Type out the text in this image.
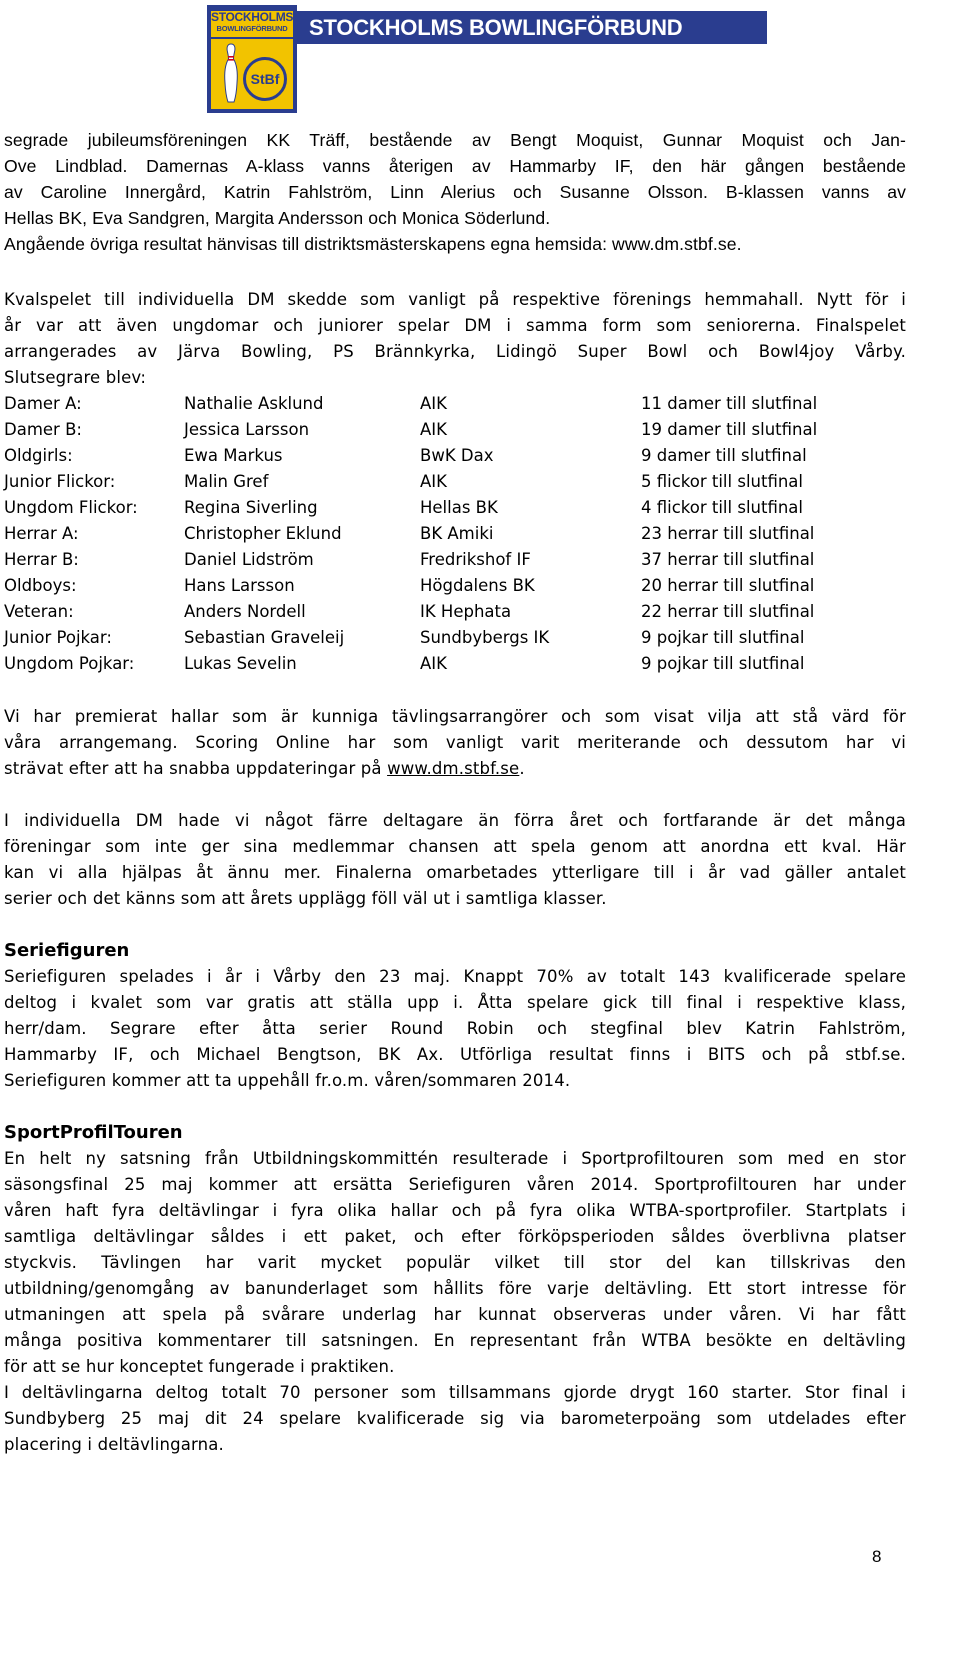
STOCKHOLMS
BOWLINGFÖRBUND
StBf
STOCKHOLMS BOWLINGFÖRBUND
segrade jubileumsföreningen KK Träff, bestående av Bengt Moquist, Gunnar Moquist och Jan-
Ove Lindblad. Damernas A-klass vanns återigen av Hammarby IF, den här gången bestående
av Caroline Innergård, Katrin Fahlström, Linn Alerius och Susanne Olsson. B-klassen vanns av
Hellas BK, Eva Sandgren, Margita Andersson och Monica Söderlund.
Angående övriga resultat hänvisas till distriktsmästerskapens egna hemsida: www.dm.stbf.se.
Kvalspelet till individuella DM skedde som vanligt på respektive förenings hemmahall. Nytt för i
år var att även ungdomar och juniorer spelar DM i samma form som seniorerna. Finalspelet
arrangerades av Järva Bowling, PS Brännkyrka, Lidingö Super Bowl och Bowl4joy Vårby.
Slutsegrare blev:
Damer A:	Nathalie Asklund	AIK	11 damer till slutfinal
Damer B:	Jessica Larsson	AIK	19 damer till slutfinal
Oldgirls:	Ewa Markus	BwK Dax	9 damer till slutfinal
Junior Flickor:	Malin Gref	AIK	5 flickor till slutfinal
Ungdom Flickor:	Regina Siverling	Hellas BK	4 flickor till slutfinal
Herrar A:	Christopher Eklund	BK Amiki	23 herrar till slutfinal
Herrar B:	Daniel Lidström	Fredrikshof IF	37 herrar till slutfinal
Oldboys:	Hans Larsson	Högdalens BK	20 herrar till slutfinal
Veteran:	Anders Nordell	IK Hephata	22 herrar till slutfinal
Junior Pojkar:	Sebastian Graveleij	Sundbybergs IK	9 pojkar till slutfinal
Ungdom Pojkar:	Lukas Sevelin	AIK	9 pojkar till slutfinal
Vi har premierat hallar som är kunniga tävlingsarrangörer och som visat vilja att stå värd för
våra arrangemang. Scoring Online har som vanligt varit meriterande och dessutom har vi
strävat efter att ha snabba uppdateringar på www.dm.stbf.se.
I individuella DM hade vi något färre deltagare än förra året och fortfarande är det många
föreningar som inte ger sina medlemmar chansen att spela genom att anordna ett kval. Här
kan vi alla hjälpas åt ännu mer. Finalerna omarbetades ytterligare till i år vad gäller antalet
serier och det känns som att årets upplägg föll väl ut i samtliga klasser.
Seriefiguren
Seriefiguren spelades i år i Vårby den 23 maj. Knappt 70% av totalt 143 kvalificerade spelare
deltog i kvalet som var gratis att ställa upp i. Åtta spelare gick till final i respektive klass,
herr/dam. Segrare efter åtta serier Round Robin och stegfinal blev Katrin Fahlström,
Hammarby IF, och Michael Bengtson, BK Ax. Utförliga resultat finns i BITS och på stbf.se.
Seriefiguren kommer att ta uppehåll fr.o.m. våren/sommaren 2014.
SportProfilTouren
En helt ny satsning från Utbildningskommittén resulterade i Sportprofiltouren som med en stor
säsongsfinal 25 maj kommer att ersätta Seriefiguren våren 2014. Sportprofiltouren har under
våren haft fyra deltävlingar i fyra olika hallar och på fyra olika WTBA-sportprofiler. Startplats i
samtliga deltävlingar såldes i ett paket, och efter förköpsperioden såldes överblivna platser
styckvis. Tävlingen har varit mycket populär vilket till stor del kan tillskrivas den
utbildning/genomgång av banunderlaget som hållits före varje deltävling. Ett stort intresse för
utmaningen att spela på svårare underlag har kunnat observeras under våren. Vi har fått
många positiva kommentarer till satsningen. En representant från WTBA besökte en deltävling
för att se hur konceptet fungerade i praktiken.
I deltävlingarna deltog totalt 70 personer som tillsammans gjorde drygt 160 starter. Stor final i
Sundbyberg 25 maj dit 24 spelare kvalificerade sig via barometerpoäng som utdelades efter
placering i deltävlingarna.
8
